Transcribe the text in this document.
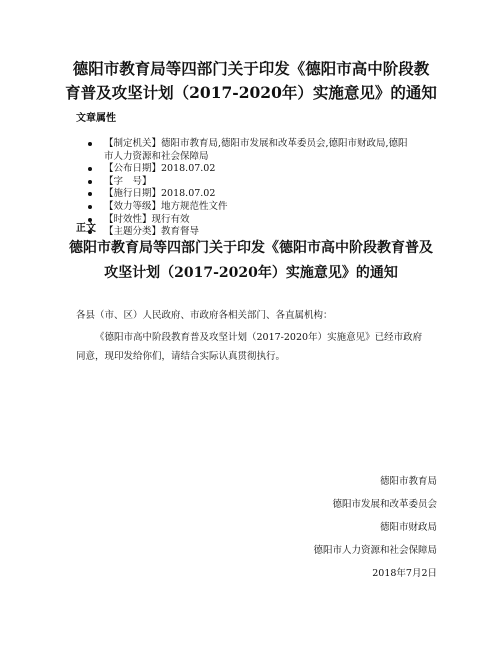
德阳市教育局等四部门关于印发《德阳市高中阶段教
育普及攻坚计划（2017-2020年）实施意见》的通知
文章属性
【制定机关】德阳市教育局,德阳市发展和改革委员会,德阳市财政局,德阳
市人力资源和社会保障局
【公布日期】2018.07.02
【字　号】
【施行日期】2018.07.02
【效力等级】地方规范性文件
【时效性】现行有效
【主题分类】教育督导
正文
德阳市教育局等四部门关于印发《德阳市高中阶段教育普及
攻坚计划（2017-2020年）实施意见》的通知
各县（市、区）人民政府、市政府各相关部门、各直属机构：
《德阳市高中阶段教育普及攻坚计划（2017-2020年）实施意见》已经市政府
同意，现印发给你们，请结合实际认真贯彻执行。
德阳市教育局
德阳市发展和改革委员会
德阳市财政局
德阳市人力资源和社会保障局
2018年7月2日
